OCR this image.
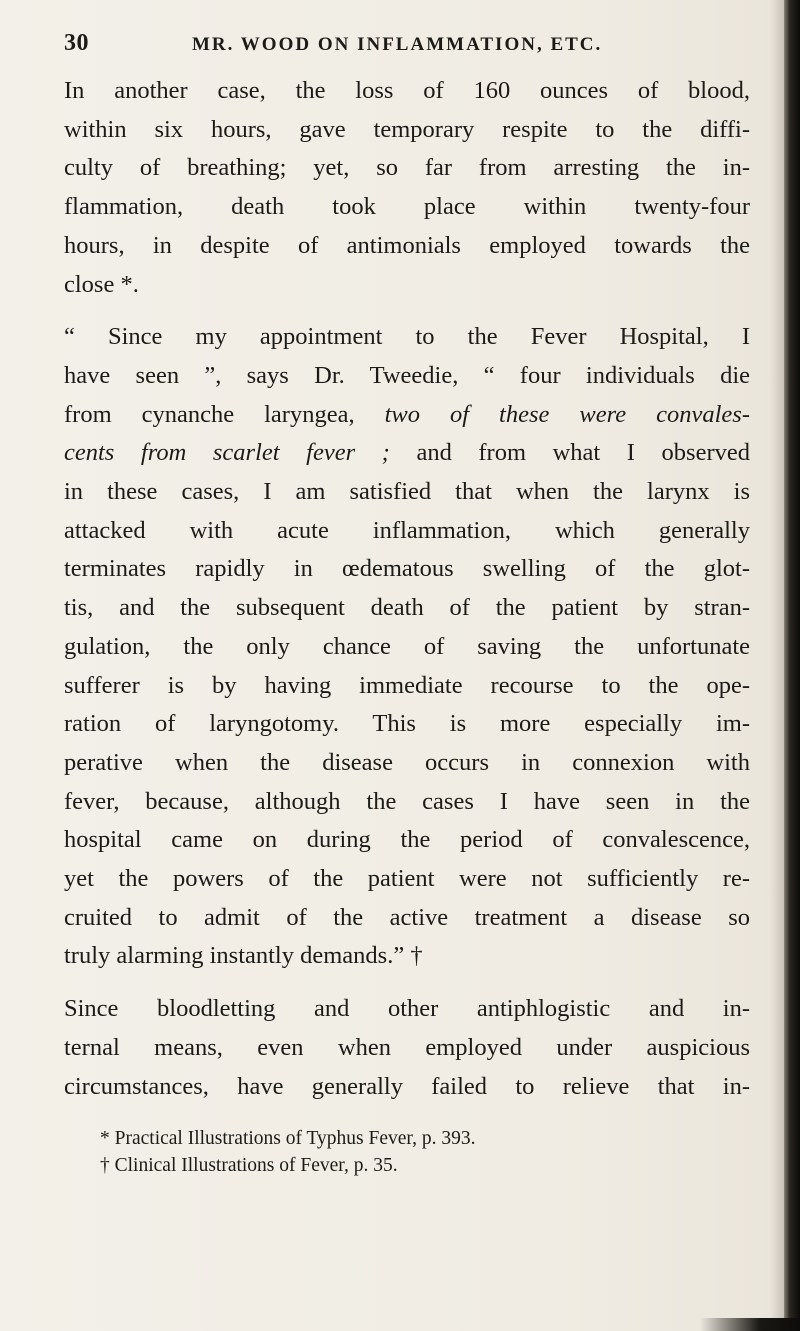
30	MR. WOOD ON INFLAMMATION, ETC.

In another case, the loss of 160 ounces of blood,
within six hours, gave temporary respite to the diffi-
culty of breathing; yet, so far from arresting the in-
flammation, death took place within twenty-four
hours, in despite of antimonials employed towards the
close *.

“ Since my appointment to the Fever Hospital, I
have seen ”, says Dr. Tweedie, “ four individuals die
from cynanche laryngea, two of these were convales-
cents from scarlet fever ; and from what I observed
in these cases, I am satisfied that when the larynx is
attacked with acute inflammation, which generally
terminates rapidly in œdematous swelling of the glot-
tis, and the subsequent death of the patient by stran-
gulation, the only chance of saving the unfortunate
sufferer is by having immediate recourse to the ope-
ration of laryngotomy. This is more especially im-
perative when the disease occurs in connexion with
fever, because, although the cases I have seen in the
hospital came on during the period of convalescence,
yet the powers of the patient were not sufficiently re-
cruited to admit of the active treatment a disease so
truly alarming instantly demands.” †

Since bloodletting and other antiphlogistic and in-
ternal means, even when employed under auspicious
circumstances, have generally failed to relieve that in-

* Practical Illustrations of Typhus Fever, p. 393.
† Clinical Illustrations of Fever, p. 35.
